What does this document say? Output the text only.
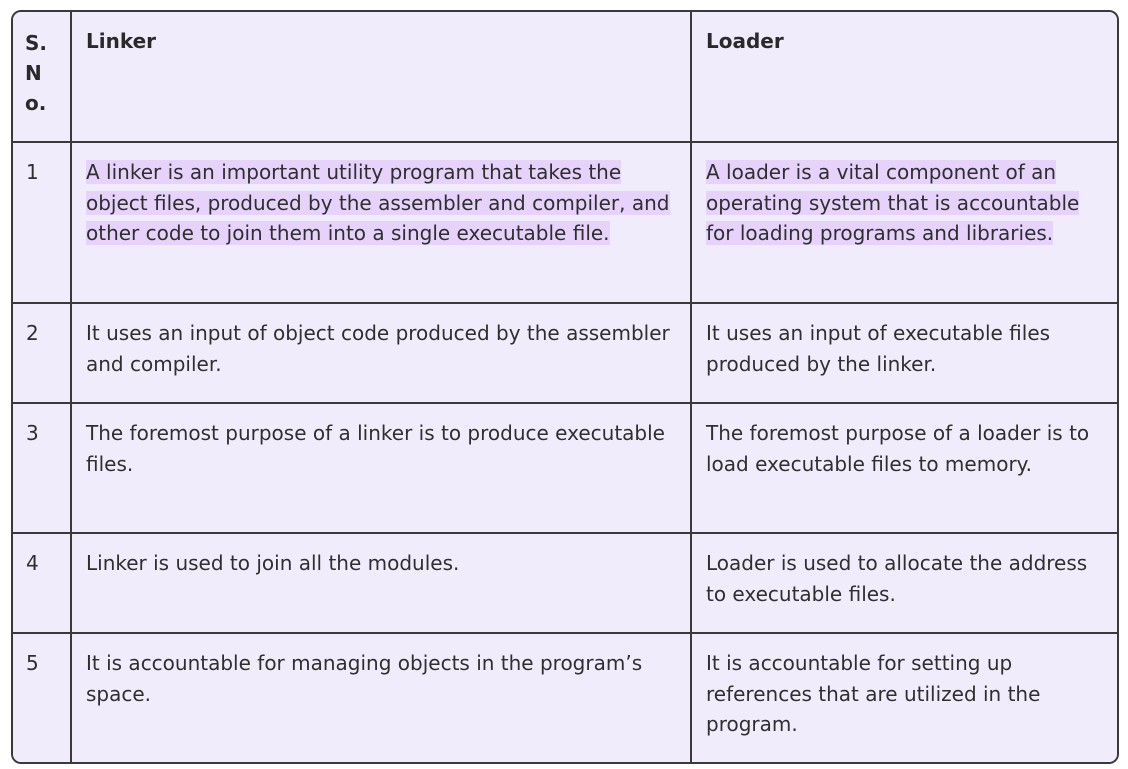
S.No.	Linker	Loader
1	A linker is an important utility program that takes the object files, produced by the assembler and compiler, and other code to join them into a single executable file.	A loader is a vital component of an operating system that is accountable for loading programs and libraries.
2	It uses an input of object code produced by the assembler and compiler.	It uses an input of executable files produced by the linker.
3	The foremost purpose of a linker is to produce executable files.	The foremost purpose of a loader is to load executable files to memory.
4	Linker is used to join all the modules.	Loader is used to allocate the address to executable files.
5	It is accountable for managing objects in the program’s space.	It is accountable for setting up references that are utilized in the program.
